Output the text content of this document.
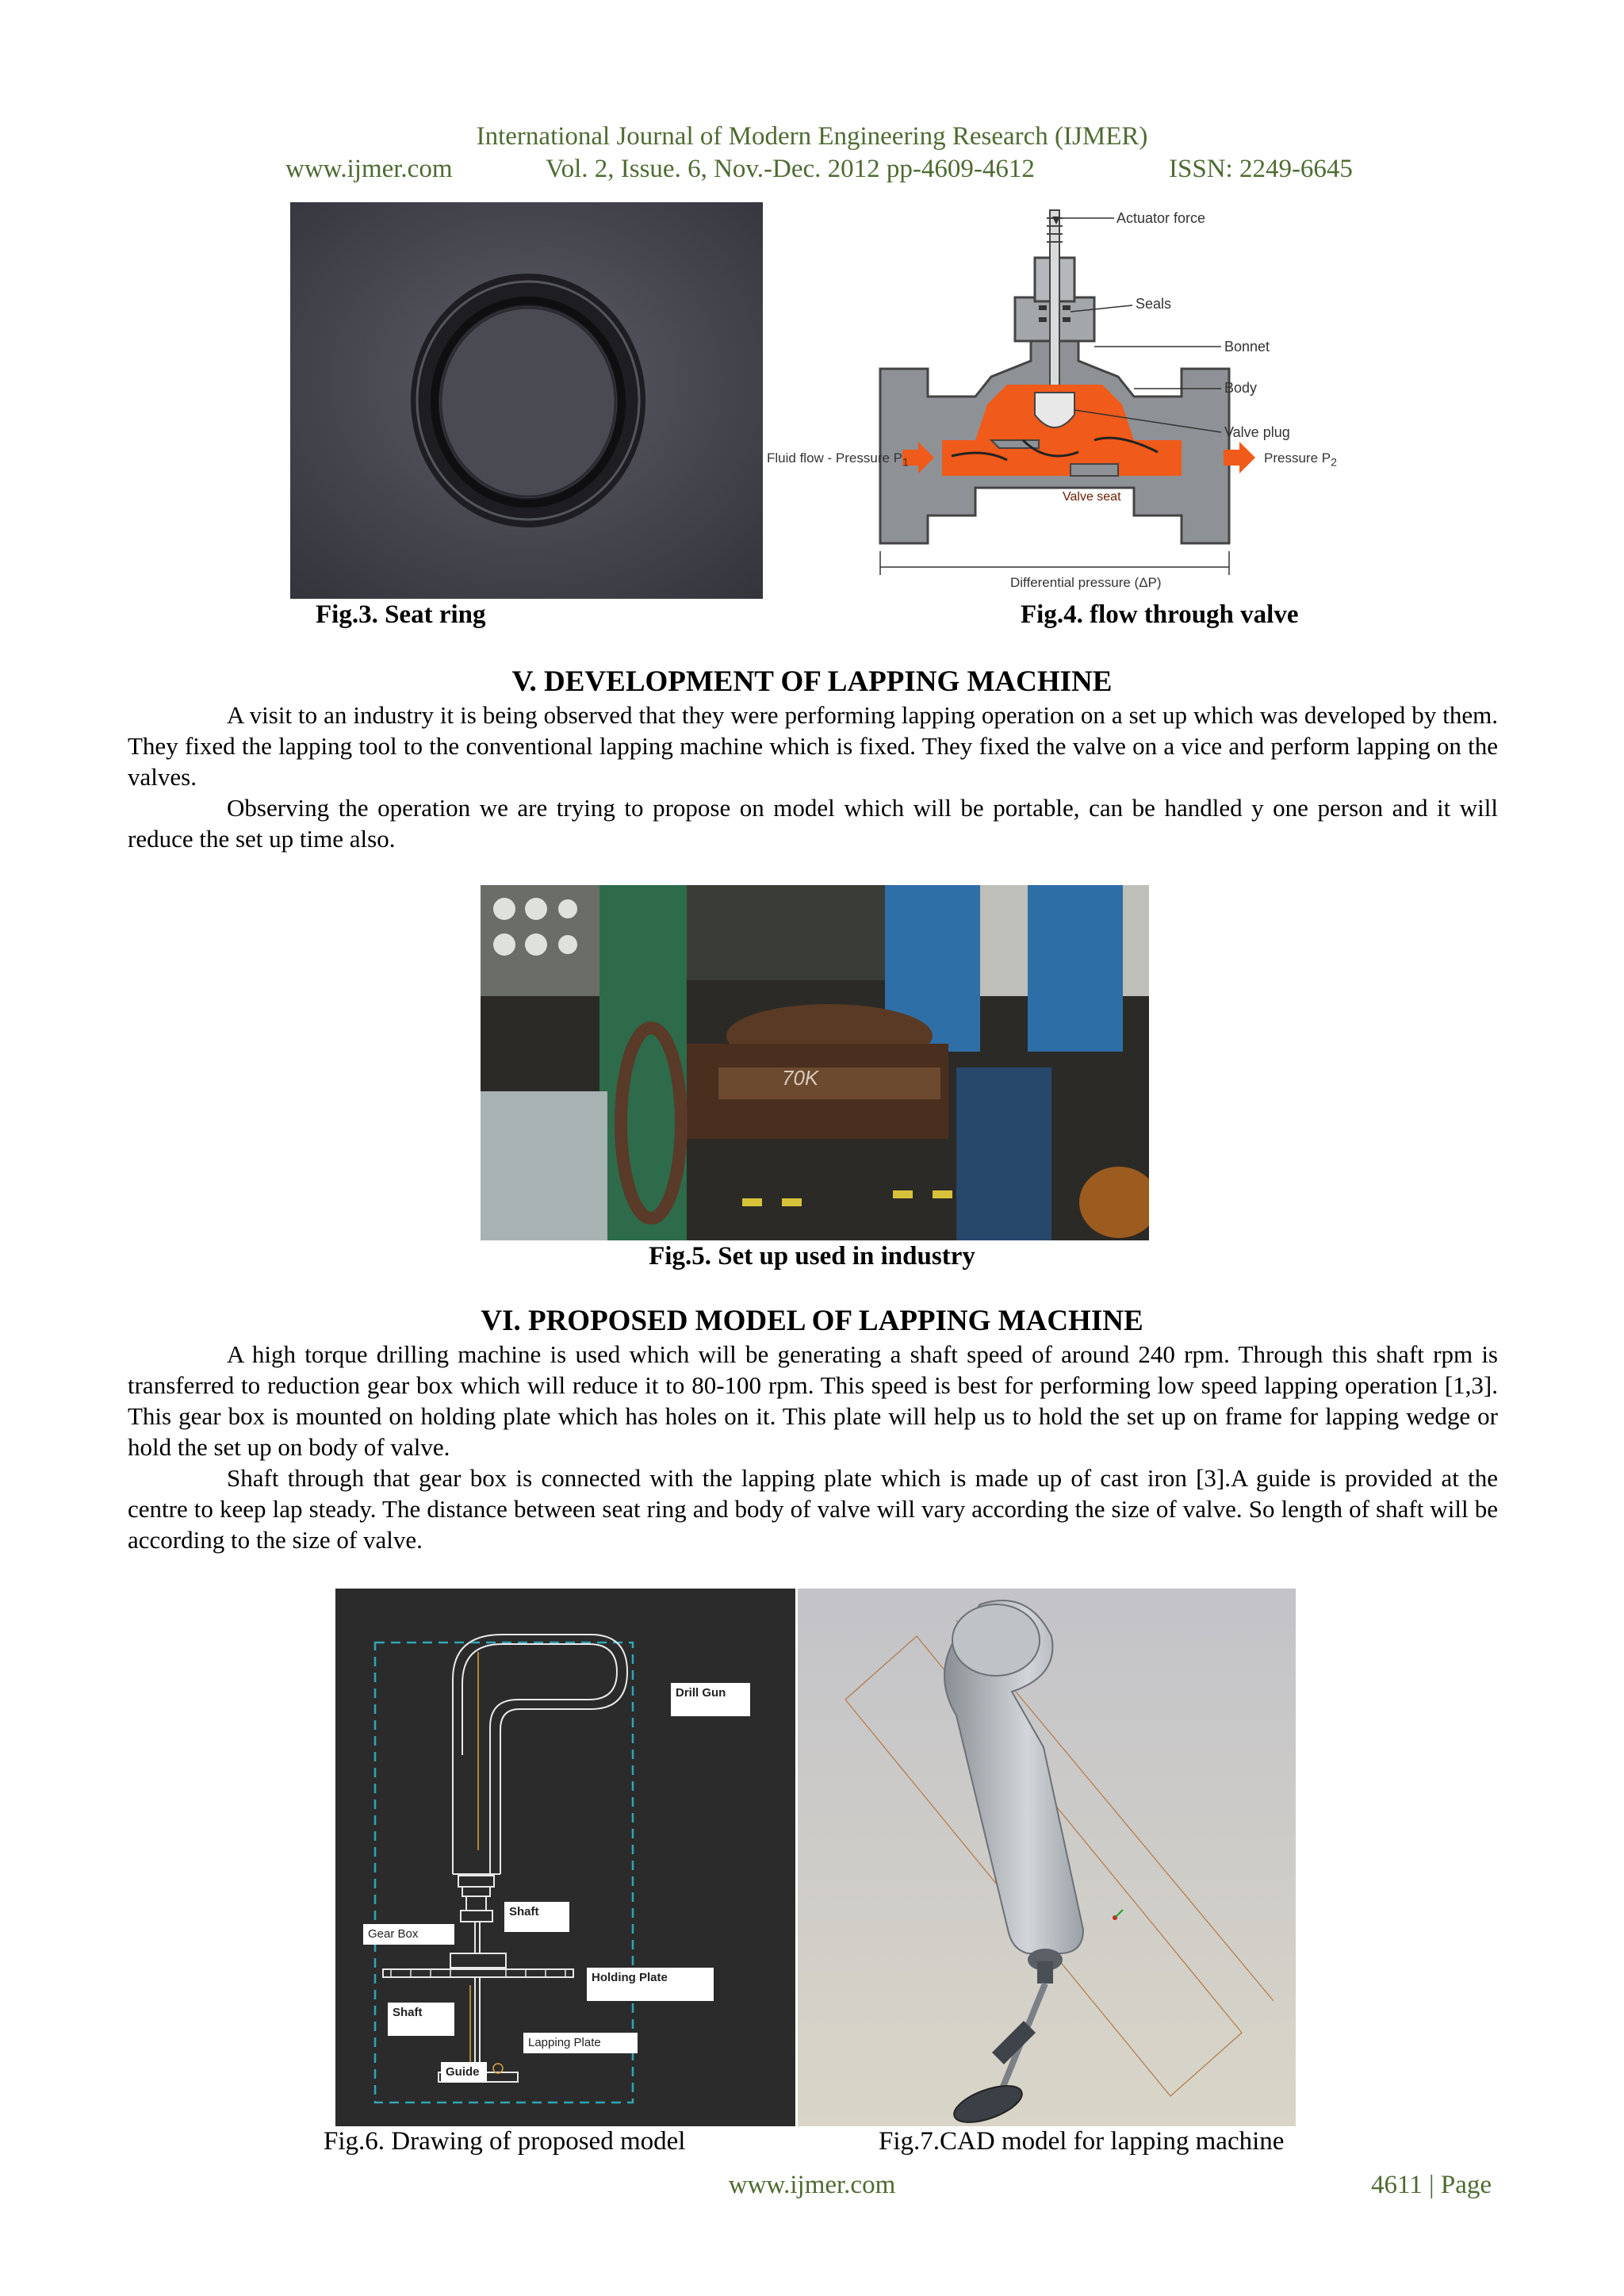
International Journal of Modern Engineering Research (IJMER)
www.ijmer.com	Vol. 2, Issue. 6, Nov.-Dec. 2012 pp-4609-4612	ISSN: 2249-6645
Actuator force
Seals
Bonnet
Body
Valve plug
Fluid flow - Pressure $P_1$	Pressure $P_2$
Valve seat
Differential pressure (ΔP)
Fig.3. Seat ring	Fig.4. flow through valve
V. DEVELOPMENT OF LAPPING MACHINE

A visit to an industry it is being observed that they were performing lapping operation on a set up which was developed by them. They fixed the lapping tool to the conventional lapping machine which is fixed. They fixed the valve on a vice and perform lapping on the valves.

Observing the operation we are trying to propose on model which will be portable, can be handled y one person and it will reduce the set up time also.

70K
Fig.5. Set up used in industry
VI. PROPOSED MODEL OF LAPPING MACHINE

A high torque drilling machine is used which will be generating a shaft speed of around 240 rpm. Through this shaft rpm is transferred to reduction gear box which will reduce it to 80-100 rpm. This speed is best for performing low speed lapping operation [1,3]. This gear box is mounted on holding plate which has holes on it. This plate will help us to hold the set up on frame for lapping wedge or hold the set up on body of valve.

Shaft through that gear box is connected with the lapping plate which is made up of cast iron [3].A guide is provided at the centre to keep lap steady. The distance between seat ring and body of valve will vary according the size of valve. So length of shaft will be according to the size of valve.

Drill Gun
Shaft
Gear Box
Holding Plate
Shaft
Lapping Plate
Guide
Fig.6. Drawing of proposed model	Fig.7.CAD model for lapping machine
www.ijmer.com	4611 | Page
